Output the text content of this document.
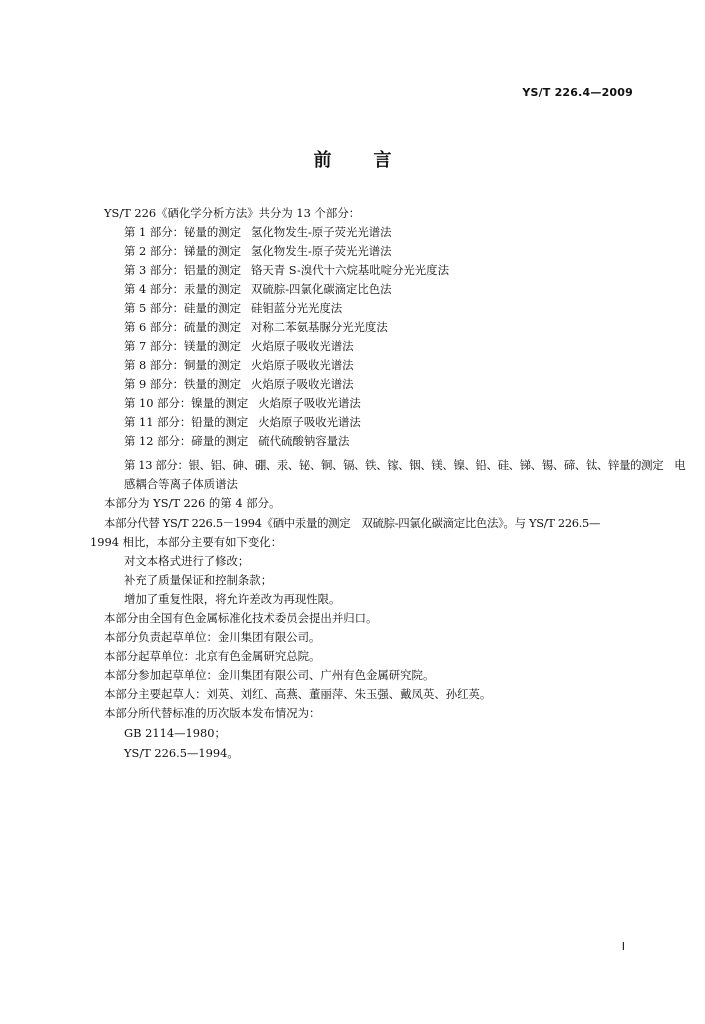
YS/T 226.4—2009
前言
YS/T 226《硒化学分析方法》共分为 13 个部分：
第 1 部分：铋量的测定 氢化物发生-原子荧光光谱法
第 2 部分：锑量的测定 氢化物发生-原子荧光光谱法
第 3 部分：铝量的测定 铬天青 S-溴代十六烷基吡啶分光光度法
第 4 部分：汞量的测定 双硫腙-四氯化碳滴定比色法
第 5 部分：硅量的测定 硅钼蓝分光光度法
第 6 部分：硫量的测定 对称二苯氨基脲分光光度法
第 7 部分：镁量的测定 火焰原子吸收光谱法
第 8 部分：铜量的测定 火焰原子吸收光谱法
第 9 部分：铁量的测定 火焰原子吸收光谱法
第 10 部分：镍量的测定 火焰原子吸收光谱法
第 11 部分：铅量的测定 火焰原子吸收光谱法
第 12 部分：碲量的测定 硫代硫酸钠容量法
第 13 部分：银、铝、砷、硼、汞、铋、铜、镉、铁、镓、铟、镁、镍、铅、硅、锑、锡、碲、钛、锌量的测定　电
感耦合等离子体质谱法
本部分为 YS/T 226 的第 4 部分。
本部分代替 YS/T 226.5－1994《硒中汞量的测定　双硫腙-四氯化碳滴定比色法》。与 YS/T 226.5—
1994 相比，本部分主要有如下变化：
对文本格式进行了修改；
补充了质量保证和控制条款；
增加了重复性限，将允许差改为再现性限。
本部分由全国有色金属标准化技术委员会提出并归口。
本部分负责起草单位：金川集团有限公司。
本部分起草单位：北京有色金属研究总院。
本部分参加起草单位：金川集团有限公司、广州有色金属研究院。
本部分主要起草人：刘英、刘红、高燕、董丽萍、朱玉强、戴凤英、孙红英。
本部分所代替标准的历次版本发布情况为：
GB 2114—1980；
YS/T 226.5—1994。
I
